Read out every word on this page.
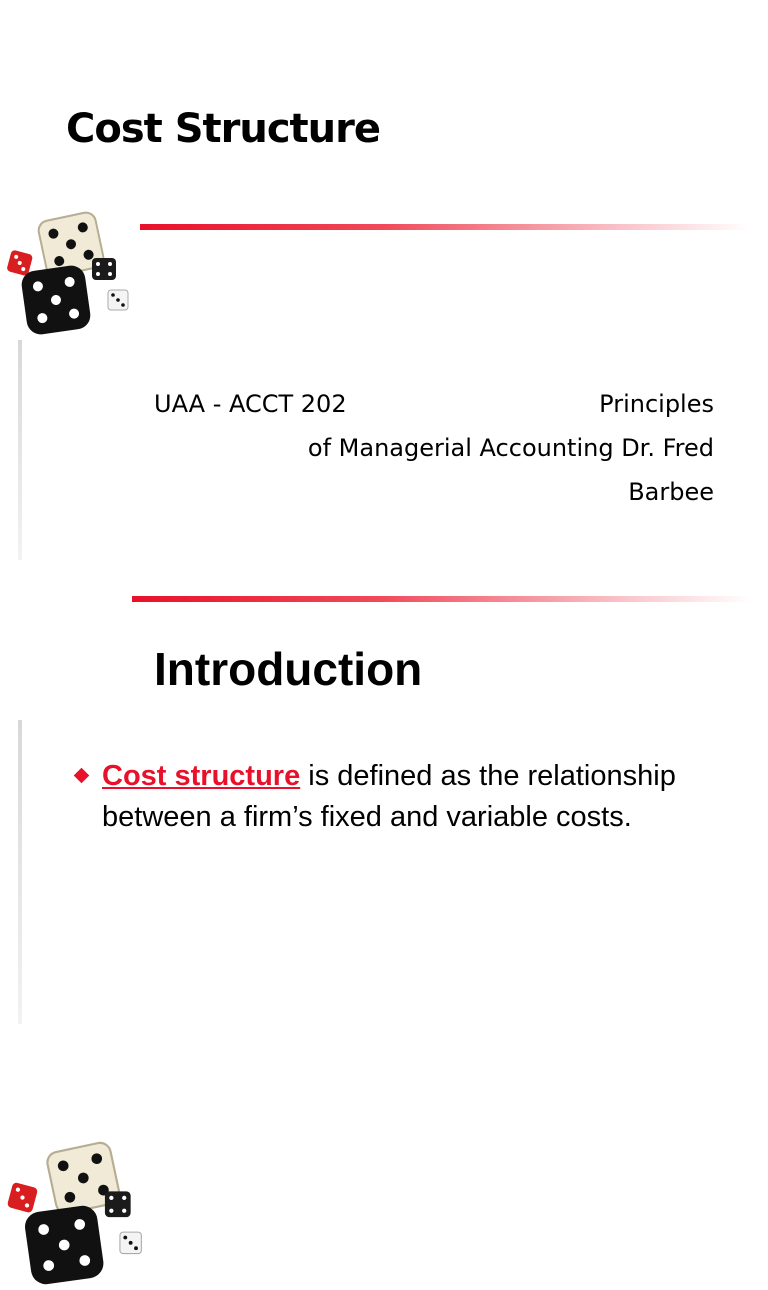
Cost Structure
UAA - ACCT 202	Principles
of Managerial Accounting Dr. Fred
Barbee
Introduction
Cost structure is defined as the relationship between a firm’s fixed and variable costs.
